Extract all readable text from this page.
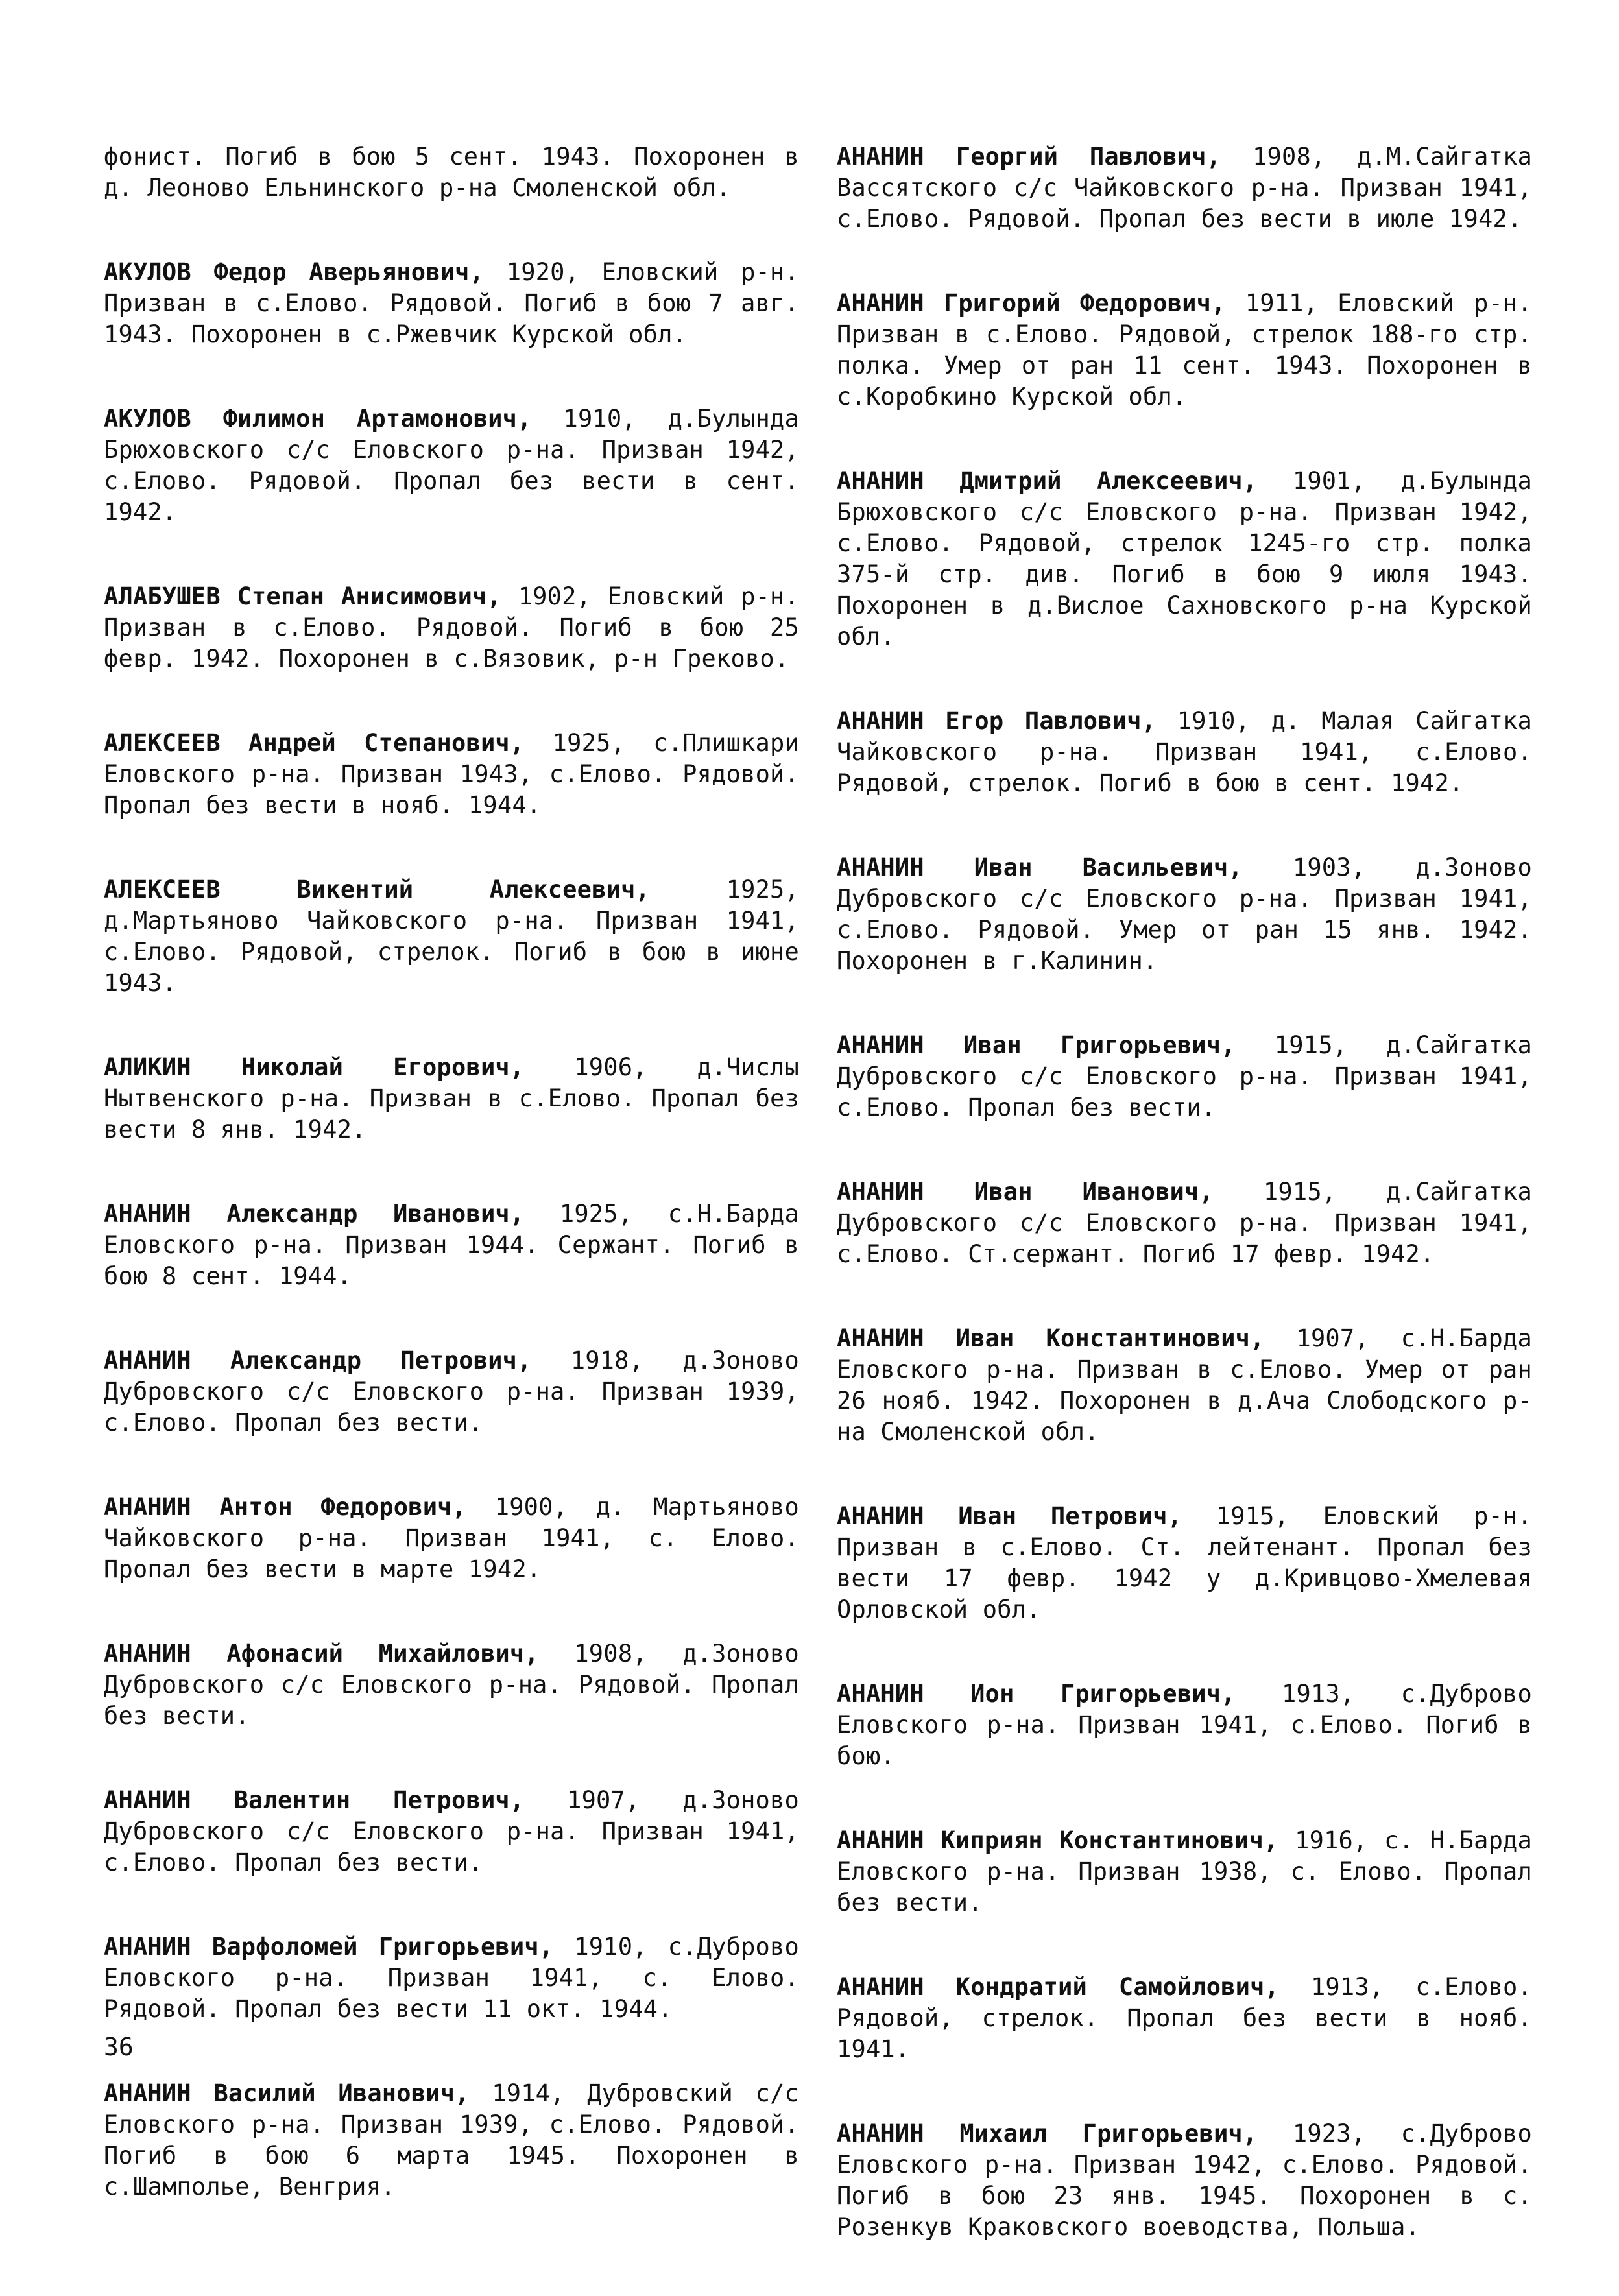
фонист. Погиб в бою 5 сент. 1943. Похоронен в д. Леоново Ельнинского р-на Смоленской обл.

АКУЛОВ Федор Аверьянович, 1920, Еловский р-н. Призван в с.Елово. Рядовой. Погиб в бою 7 авг. 1943. Похоронен в с.Ржевчик Курской обл.

АКУЛОВ Филимон Артамонович, 1910, д.Булында Брюховского с/с Еловского р-на. Призван 1942, с.Елово. Рядовой. Пропал без вести в сент. 1942.

АЛАБУШЕВ Степан Анисимович, 1902, Еловский р-н. Призван в с.Елово. Рядовой. Погиб в бою 25 февр. 1942. Похоронен в с.Вязовик, р-н Греково.

АЛЕКСЕЕВ Андрей Степанович, 1925, с.Плишкари Еловского р-на. Призван 1943, с.Елово. Рядовой. Пропал без вести в нояб. 1944.

АЛЕКСЕЕВ Викентий Алексеевич, 1925, д.Мартьяново Чайковского р-на. Призван 1941, с.Елово. Рядовой, стрелок. Погиб в бою в июне 1943.

АЛИКИН Николай Егорович, 1906, д.Числы Нытвенского р-на. Призван в с.Елово. Пропал без вести 8 янв. 1942.

АНАНИН Александр Иванович, 1925, с.Н.Барда Еловского р-на. Призван 1944. Сержант. Погиб в бою 8 сент. 1944.

АНАНИН Александр Петрович, 1918, д.Зоново Дубровского с/с Еловского р-на. Призван 1939, с.Елово. Пропал без вести.

АНАНИН Антон Федорович, 1900, д. Мартьяново Чайковского р-на. Призван 1941, с. Елово. Пропал без вести в марте 1942.

АНАНИН Афонасий Михайлович, 1908, д.Зоново Дубровского с/с Еловского р-на. Рядовой. Пропал без вести.

АНАНИН Валентин Петрович, 1907, д.Зоново Дубровского с/с Еловского р-на. Призван 1941, с.Елово. Пропал без вести.

АНАНИН Варфоломей Григорьевич, 1910, с.Дуброво Еловского р-на. Призван 1941, с. Елово. Рядовой. Пропал без вести 11 окт. 1944.

АНАНИН Василий Иванович, 1914, Дубровский с/с Еловского р-на. Призван 1939, с.Елово. Рядовой. Погиб в бою 6 марта 1945. Похоронен в с.Шамполье, Венгрия.

АНАНИН Георгий Павлович, 1908, д.М.Сайгатка Вассятского с/с Чайковского р-на. Призван 1941, с.Елово. Рядовой. Пропал без вести в июле 1942.

АНАНИН Григорий Федорович, 1911, Еловский р-н. Призван в с.Елово. Рядовой, стрелок 188-го стр. полка. Умер от ран 11 сент. 1943. Похоронен в с.Коробкино Курской обл.

АНАНИН Дмитрий Алексеевич, 1901, д.Булында Брюховского с/с Еловского р-на. Призван 1942, с.Елово. Рядовой, стрелок 1245-го стр. полка 375-й стр. див. Погиб в бою 9 июля 1943. Похоронен в д.Вислое Сахновского р-на Курской обл.

АНАНИН Егор Павлович, 1910, д. Малая Сайгатка Чайковского р-на. Призван 1941, с.Елово. Рядовой, стрелок. Погиб в бою в сент. 1942.

АНАНИН Иван Васильевич, 1903, д.Зоново Дубровского с/с Еловского р-на. Призван 1941, с.Елово. Рядовой. Умер от ран 15 янв. 1942. Похоронен в г.Калинин.

АНАНИН Иван Григорьевич, 1915, д.Сайгатка Дубровского с/с Еловского р-на. Призван 1941, с.Елово. Пропал без вести.

АНАНИН Иван Иванович, 1915, д.Сайгатка Дубровского с/с Еловского р-на. Призван 1941, с.Елово. Ст.сержант. Погиб 17 февр. 1942.

АНАНИН Иван Константинович, 1907, с.Н.Барда Еловского р-на. Призван в с.Елово. Умер от ран 26 нояб. 1942. Похоронен в д.Ача Слободского р-на Смоленской обл.

АНАНИН Иван Петрович, 1915, Еловский р-н. Призван в с.Елово. Ст. лейтенант. Пропал без вести 17 февр. 1942 у д.Кривцово-Хмелевая Орловской обл.

АНАНИН Ион Григорьевич, 1913, с.Дуброво Еловского р-на. Призван 1941, с.Елово. Погиб в бою.

АНАНИН Киприян Константинович, 1916, с. Н.Барда Еловского р-на. Призван 1938, с. Елово. Пропал без вести.

АНАНИН Кондратий Самойлович, 1913, с.Елово. Рядовой, стрелок. Пропал без вести в нояб. 1941.

АНАНИН Михаил Григорьевич, 1923, с.Дуброво Еловского р-на. Призван 1942, с.Елово. Рядовой. Погиб в бою 23 янв. 1945. Похоронен в с. Розенкув Краковского воеводства, Польша.

36
